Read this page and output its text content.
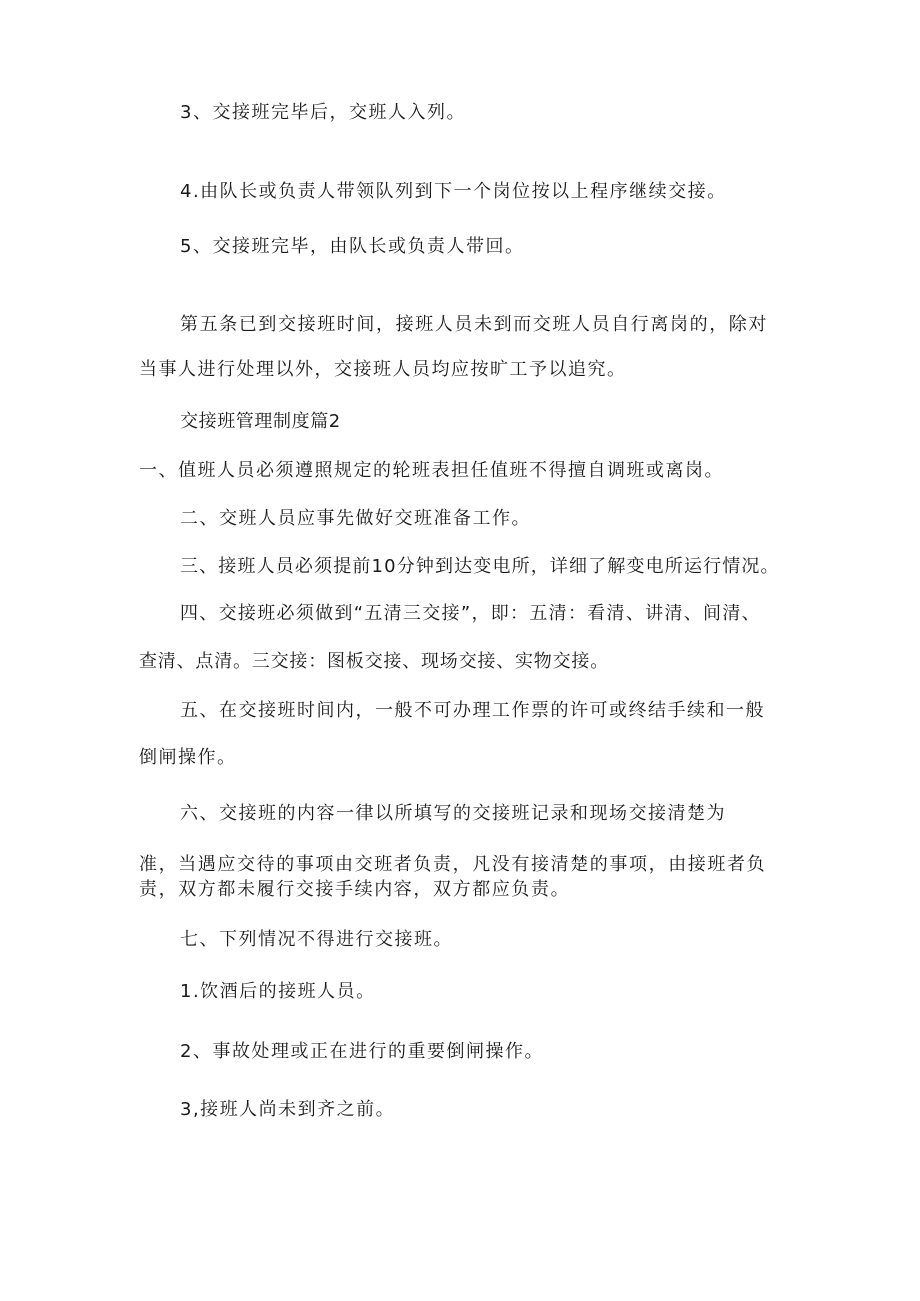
3、交接班完毕后，交班人入列。
4.由队长或负责人带领队列到下一个岗位按以上程序继续交接。
5、交接班完毕，由队长或负责人带回。
第五条已到交接班时间，接班人员未到而交班人员自行离岗的，除对
当事人进行处理以外，交接班人员均应按旷工予以追究。
交接班管理制度篇2
一、值班人员必须遵照规定的轮班表担任值班不得擅自调班或离岗。
二、交班人员应事先做好交班准备工作。
三、接班人员必须提前10分钟到达变电所，详细了解变电所运行情况。
四、交接班必须做到“五清三交接”，即：五清：看清、讲清、间清、
查清、点清。三交接：图板交接、现场交接、实物交接。
五、在交接班时间内，一般不可办理工作票的许可或终结手续和一般
倒闸操作。
六、交接班的内容一律以所填写的交接班记录和现场交接清楚为
准，当遇应交待的事项由交班者负责，凡没有接清楚的事项，由接班者负
责，双方都未履行交接手续内容，双方都应负责。
七、下列情况不得进行交接班。
1.饮酒后的接班人员。
2、事故处理或正在进行的重要倒闸操作。
3,接班人尚未到齐之前。
